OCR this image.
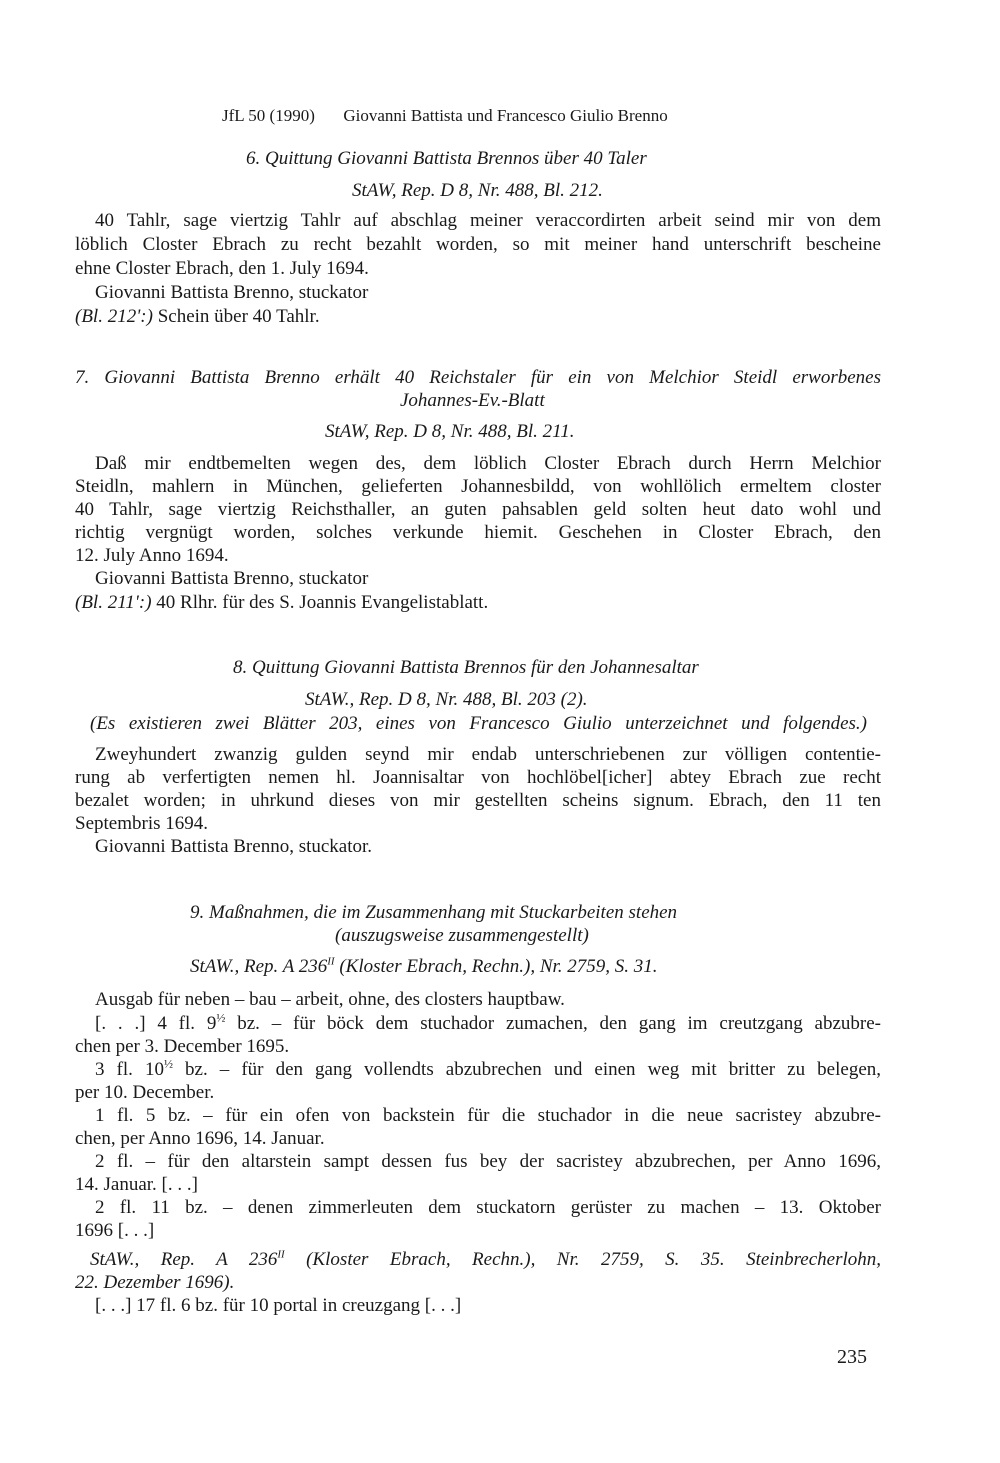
JfL 50 (1990) Giovanni Battista und Francesco Giulio Brenno
6. Quittung Giovanni Battista Brennos über 40 Taler
StAW, Rep. D 8, Nr. 488, Bl. 212.
40 Tahlr, sage viertzig Tahlr auf abschlag meiner veraccordirten arbeit seind mir von dem
löblich Closter Ebrach zu recht bezahlt worden, so mit meiner hand unterschrift bescheine
ehne Closter Ebrach, den 1. July 1694.
Giovanni Battista Brenno, stuckator
(Bl. 212':) Schein über 40 Tahlr.
7. Giovanni Battista Brenno erhält 40 Reichstaler für ein von Melchior Steidl erworbenes
Johannes-Ev.-Blatt
StAW, Rep. D 8, Nr. 488, Bl. 211.
Daß mir endtbemelten wegen des, dem löblich Closter Ebrach durch Herrn Melchior
Steidln, mahlern in München, gelieferten Johannesbildd, von wohllölich ermeltem closter
40 Tahlr, sage viertzig Reichsthaller, an guten pahsablen geld solten heut dato wohl und
richtig vergnügt worden, solches verkunde hiemit. Geschehen in Closter Ebrach, den
12. July Anno 1694.
Giovanni Battista Brenno, stuckator
(Bl. 211':) 40 Rlhr. für des S. Joannis Evangelistablatt.
8. Quittung Giovanni Battista Brennos für den Johannesaltar
StAW., Rep. D 8, Nr. 488, Bl. 203 (2).
(Es existieren zwei Blätter 203, eines von Francesco Giulio unterzeichnet und folgendes.)
Zweyhundert zwanzig gulden seynd mir endab unterschriebenen zur völligen contentie-
rung ab verfertigten nemen hl. Joannisaltar von hochlöbel[icher] abtey Ebrach zue recht
bezalet worden; in uhrkund dieses von mir gestellten scheins signum. Ebrach, den 11 ten
Septembris 1694.
Giovanni Battista Brenno, stuckator.
9. Maßnahmen, die im Zusammenhang mit Stuckarbeiten stehen
(auszugsweise zusammengestellt)
StAW., Rep. A $236^{II}$ (Kloster Ebrach, Rechn.), Nr. 2759, S. 31.
Ausgab für neben – bau – arbeit, ohne, des closters hauptbaw.
[. . .] 4 fl. $9^{\frac{1}{2}}$ bz. – für böck dem stuchador zumachen, den gang im creutzgang abzubre-
chen per 3. December 1695.
3 fl. $10^{\frac{1}{2}}$ bz. – für den gang vollendts abzubrechen und einen weg mit britter zu belegen,
per 10. December.
1 fl. 5 bz. – für ein ofen von backstein für die stuchador in die neue sacristey abzubre-
chen, per Anno 1696, 14. Januar.
2 fl. – für den altarstein sampt dessen fus bey der sacristey abzubrechen, per Anno 1696,
14. Januar. [. . .]
2 fl. 11 bz. – denen zimmerleuten dem stuckatorn gerüster zu machen – 13. Oktober
1696 [. . .]
StAW., Rep. A $236^{II}$ (Kloster Ebrach, Rechn.), Nr. 2759, S. 35. Steinbrecherlohn,
22. Dezember 1696).
[. . .] 17 fl. 6 bz. für 10 portal in creuzgang [. . .]
235
